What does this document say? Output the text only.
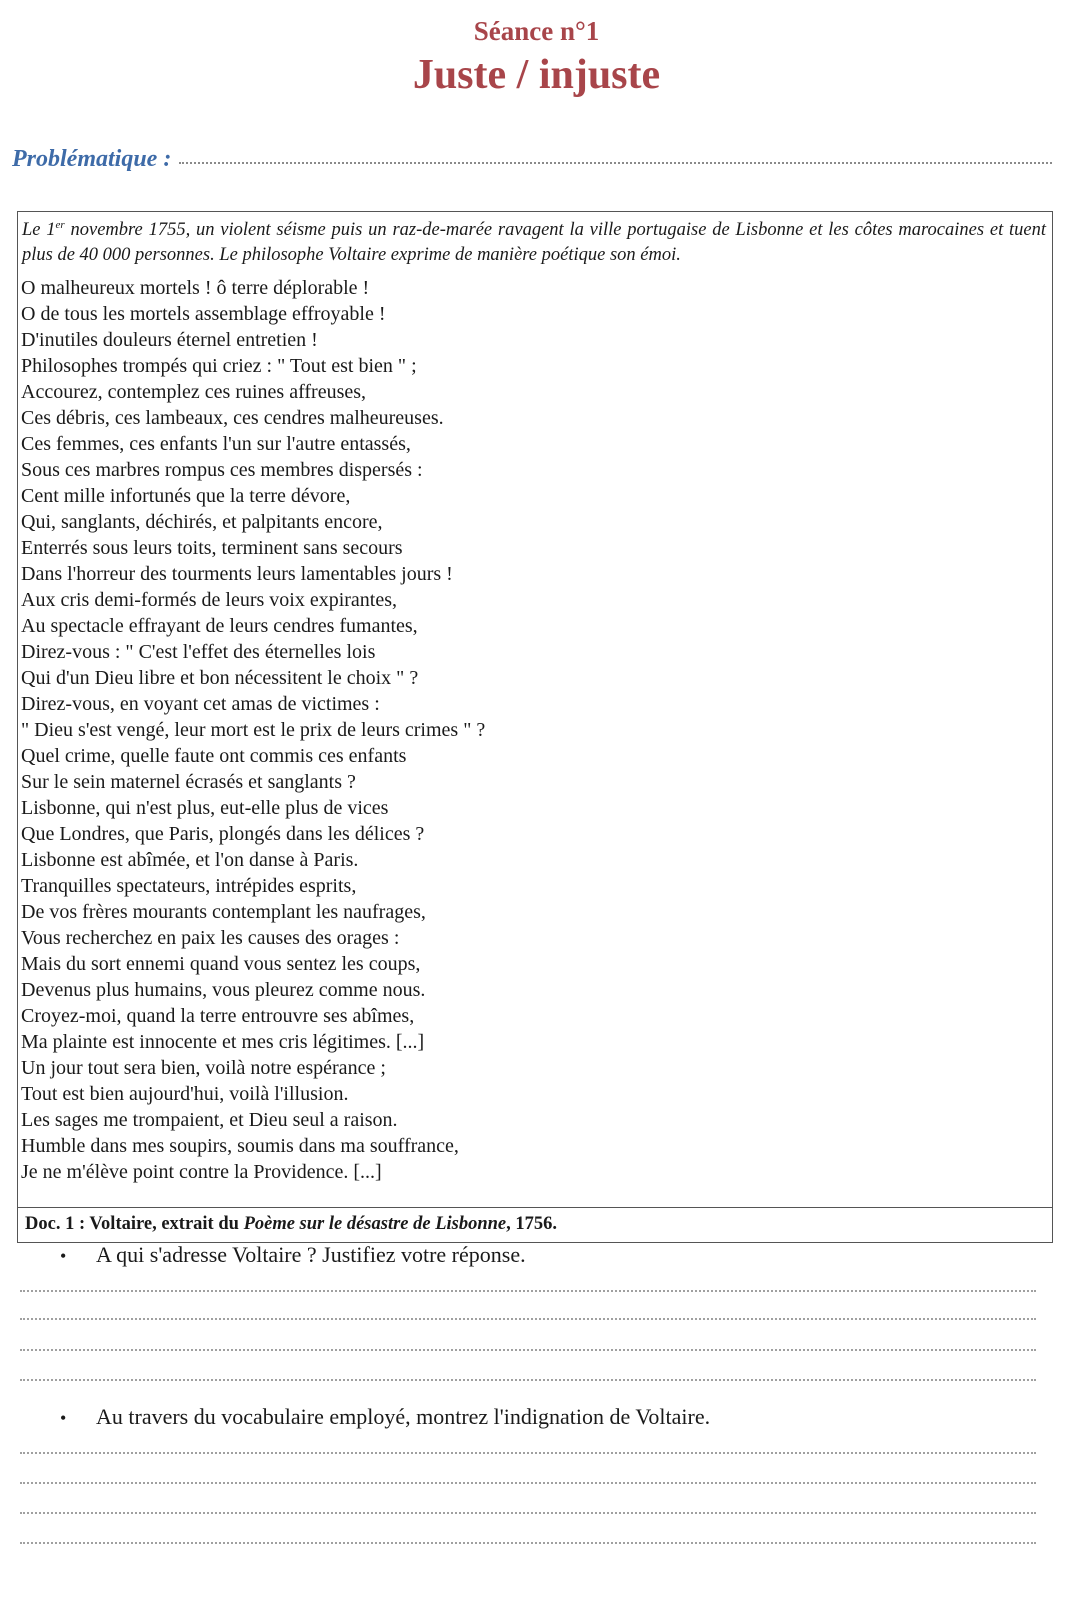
Séance n°1
Juste / injuste
Problématique :
Le 1er novembre 1755, un violent séisme puis un raz-de-marée ravagent la ville portugaise de Lisbonne et les côtes marocaines et tuent plus de 40 000 personnes. Le philosophe Voltaire exprime de manière poétique son émoi.
O malheureux mortels ! ô terre déplorable !
O de tous les mortels assemblage effroyable !
D'inutiles douleurs éternel entretien !
Philosophes trompés qui criez : " Tout est bien " ;
Accourez, contemplez ces ruines affreuses,
Ces débris, ces lambeaux, ces cendres malheureuses.
Ces femmes, ces enfants l'un sur l'autre entassés,
Sous ces marbres rompus ces membres dispersés :
Cent mille infortunés que la terre dévore,
Qui, sanglants, déchirés, et palpitants encore,
Enterrés sous leurs toits, terminent sans secours
Dans l'horreur des tourments leurs lamentables jours !
Aux cris demi-formés de leurs voix expirantes,
Au spectacle effrayant de leurs cendres fumantes,
Direz-vous : " C'est l'effet des éternelles lois
Qui d'un Dieu libre et bon nécessitent le choix " ?
Direz-vous, en voyant cet amas de victimes :
" Dieu s'est vengé, leur mort est le prix de leurs crimes " ?
Quel crime, quelle faute ont commis ces enfants
Sur le sein maternel écrasés et sanglants ?
Lisbonne, qui n'est plus, eut-elle plus de vices
Que Londres, que Paris, plongés dans les délices ?
Lisbonne est abîmée, et l'on danse à Paris.
Tranquilles spectateurs, intrépides esprits,
De vos frères mourants contemplant les naufrages,
Vous recherchez en paix les causes des orages :
Mais du sort ennemi quand vous sentez les coups,
Devenus plus humains, vous pleurez comme nous.
Croyez-moi, quand la terre entrouvre ses abîmes,
Ma plainte est innocente et mes cris légitimes. [...]
Un jour tout sera bien, voilà notre espérance ;
Tout est bien aujourd'hui, voilà l'illusion.
Les sages me trompaient, et Dieu seul a raison.
Humble dans mes soupirs, soumis dans ma souffrance,
Je ne m'élève point contre la Providence. [...]
Doc. 1 : Voltaire, extrait du Poème sur le désastre de Lisbonne, 1756.
•	A qui s'adresse Voltaire ? Justifiez votre réponse.
•	Au travers du vocabulaire employé, montrez l'indignation de Voltaire.
